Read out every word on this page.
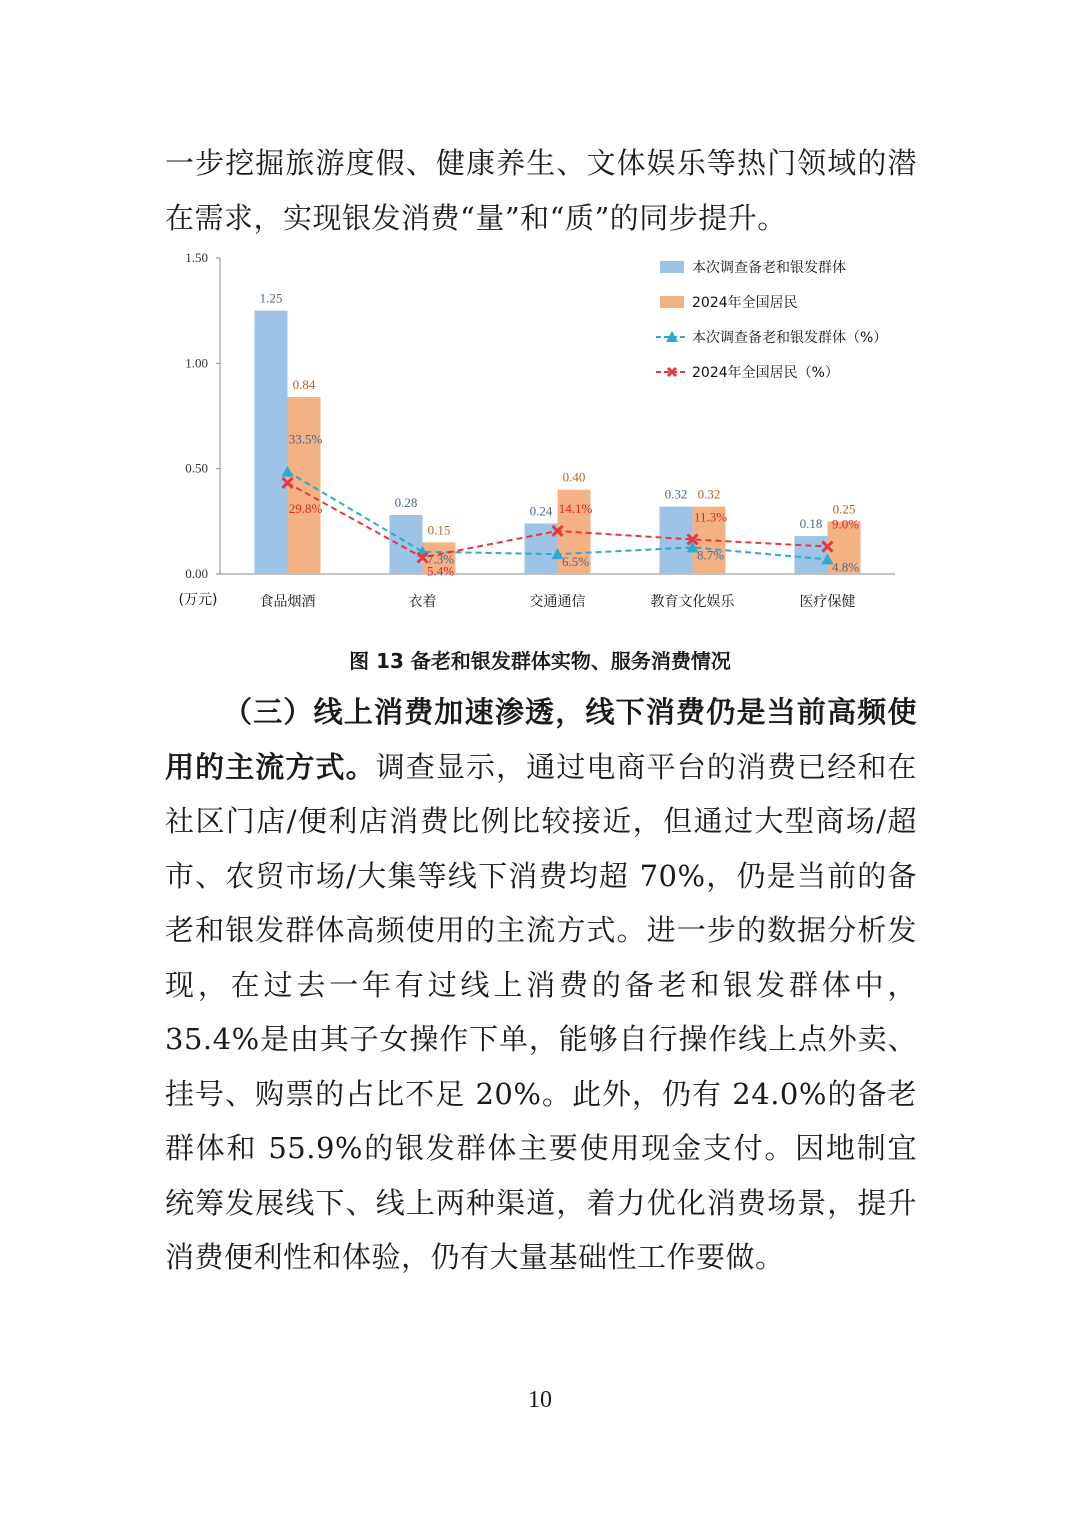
一步挖掘旅游度假、健康养生、文体娱乐等热门领域的潜在需求，实现银发消费“量”和“质”的同步提升。

0.00
0.50
1.00
1.50
(万元)
1.25
0.84
0.28
0.15
0.24
0.40
0.32 0.32
0.18
0.25
33.5%
7.3%	6.5%	8.7%
4.8%
29.8%
5.4%
14.1%
11.3%	9.0%
食品烟酒	衣着	交通通信	教育文化娱乐	医疗保健
本次调查备老和银发群体
2024年全国居民
本次调查备老和银发群体（%）
2024年全国居民（%）
图 13 备老和银发群体实物、服务消费情况

（三）线上消费加速渗透，线下消费仍是当前高频使用的主流方式。调查显示，通过电商平台的消费已经和在社区门店/便利店消费比例比较接近，但通过大型商场/超市、农贸市场/大集等线下消费均超 70%，仍是当前的备老和银发群体高频使用的主流方式。进一步的数据分析发现，在过去一年有过线上消费的备老和银发群体中，35.4%是由其子女操作下单，能够自行操作线上点外卖、挂号、购票的占比不足 20%。此外，仍有 24.0%的备老群体和 55.9%的银发群体主要使用现金支付。因地制宜统筹发展线下、线上两种渠道，着力优化消费场景，提升消费便利性和体验，仍有大量基础性工作要做。

10
